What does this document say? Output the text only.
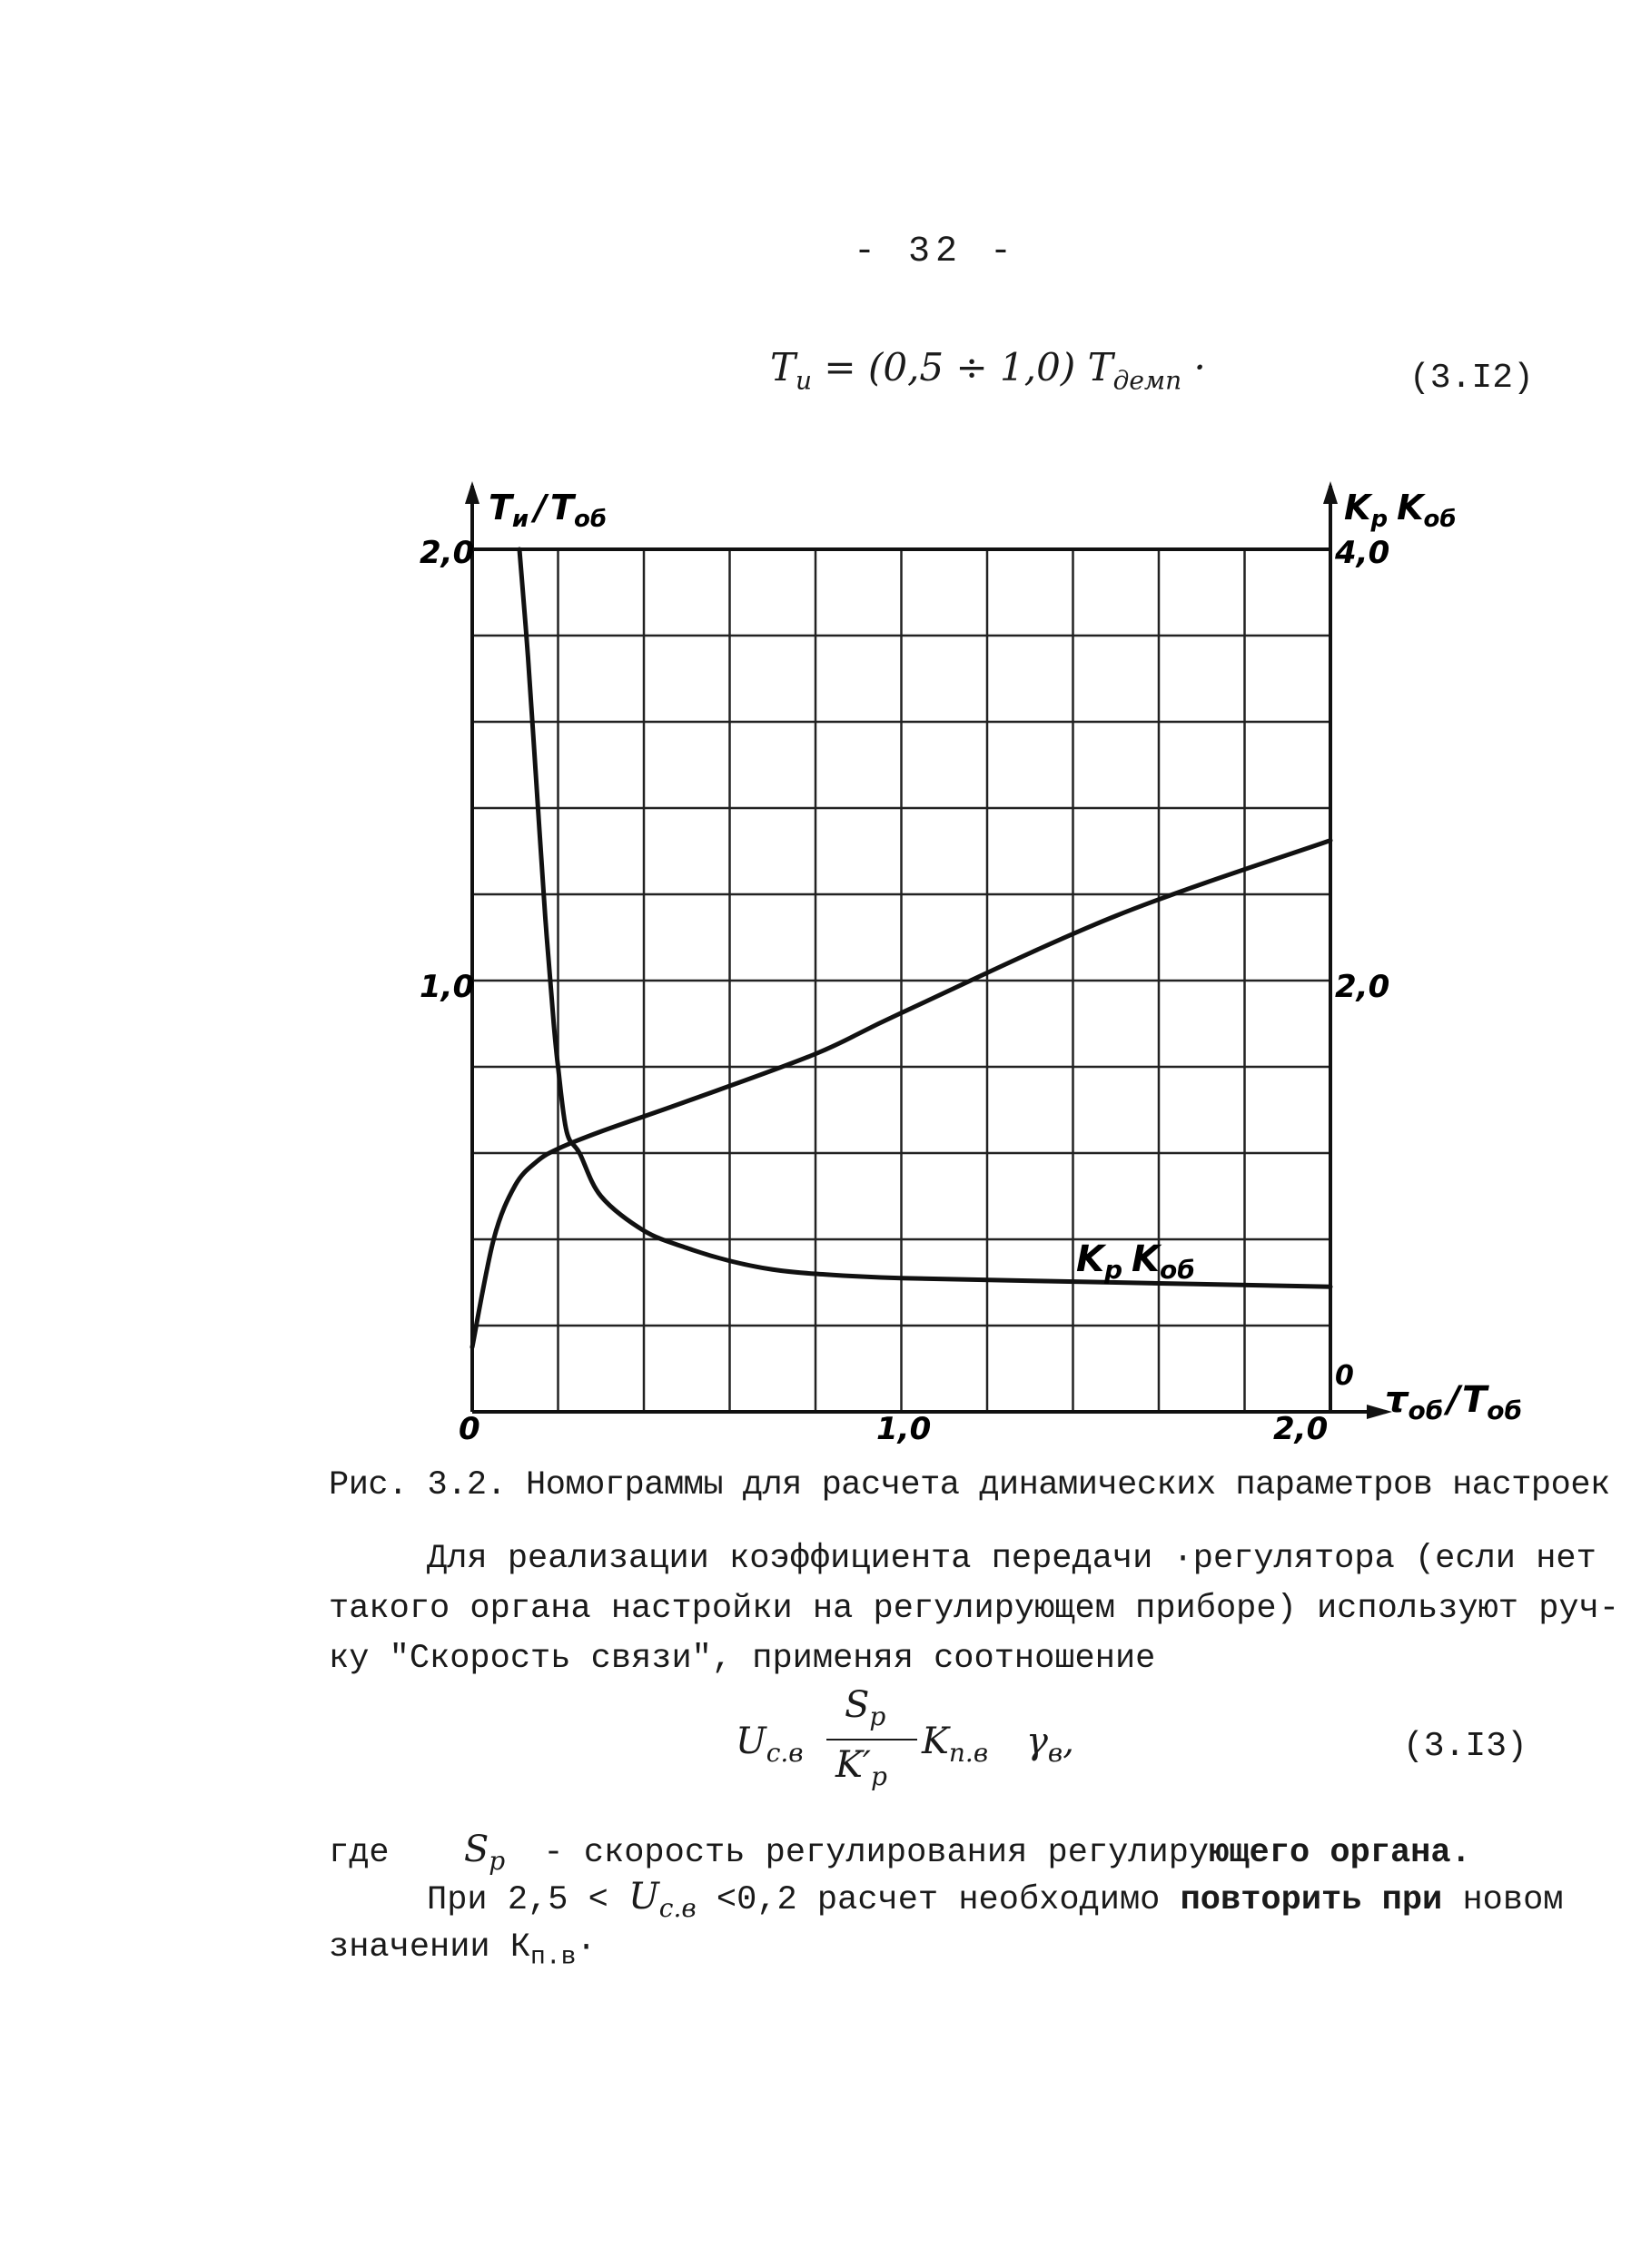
- 32 -
$T_u = (0,5 \div 1,0) T_{демп}$ ·	(3.I2)
0	1,0	2,0
2,0
1,0
4,0
2,0
0
$T_и / T_{об}$	$K_р$ $K_{об}$
$\tau_{об}$ $/T_{об}$
$K_р$ $K_{об}$
Рис. 3.2. Номограммы для расчета динамических параметров настроек
Для реализации коэффициента передачи ·регулятора (если нет
такого органа настройки на регулирующем приборе) используют руч-
ку "Скорость связи", применяя соотношение
$U_{с.в}$
$S_р$
$K'_р$
$K_{п.в}$ $\gamma_в$,	(3.I3)
где $S_р$ - скорость регулирования регулирующего органа.
При $2,5 < U_{с.в} <0,2$ расчет необходимо повторить при новом
значении $К_{п.в}\cdot$
